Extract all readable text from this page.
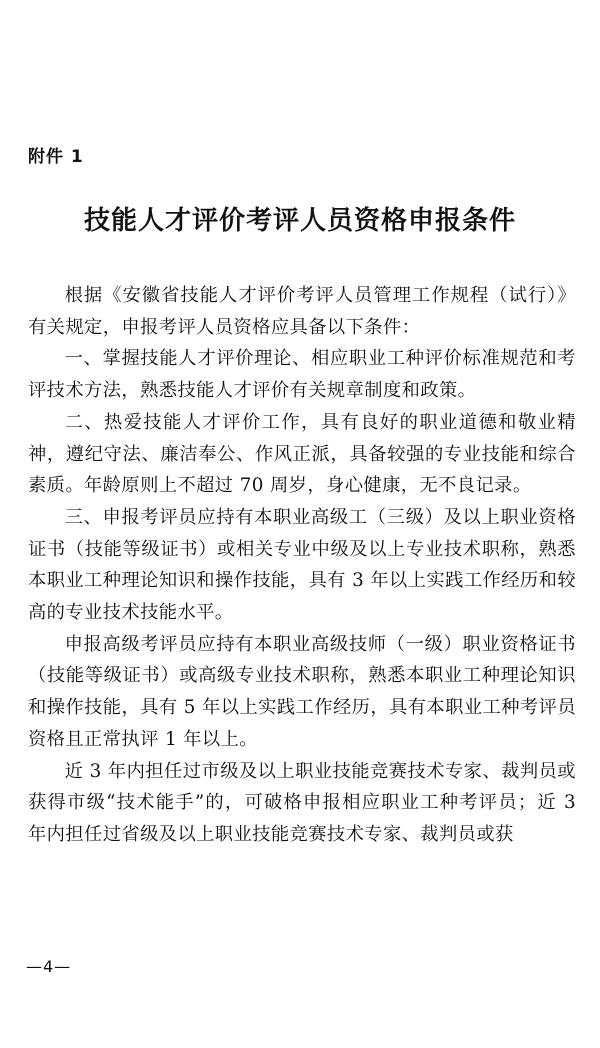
附件 1
技能人才评价考评人员资格申报条件

根据《安徽省技能人才评价考评人员管理工作规程（试行）》有关规定，申报考评人员资格应具备以下条件：

一、掌握技能人才评价理论、相应职业工种评价标准规范和考评技术方法，熟悉技能人才评价有关规章制度和政策。

二、热爱技能人才评价工作，具有良好的职业道德和敬业精神，遵纪守法、廉洁奉公、作风正派，具备较强的专业技能和综合素质。年龄原则上不超过 70 周岁，身心健康，无不良记录。

三、申报考评员应持有本职业高级工（三级）及以上职业资格证书（技能等级证书）或相关专业中级及以上专业技术职称，熟悉本职业工种理论知识和操作技能，具有 3 年以上实践工作经历和较高的专业技术技能水平。

申报高级考评员应持有本职业高级技师（一级）职业资格证书（技能等级证书）或高级专业技术职称，熟悉本职业工种理论知识和操作技能，具有 5 年以上实践工作经历，具有本职业工种考评员资格且正常执评 1 年以上。

近 3 年内担任过市级及以上职业技能竞赛技术专家、裁判员或获得市级“技术能手”的，可破格申报相应职业工种考评员；近 3 年内担任过省级及以上职业技能竞赛技术专家、裁判员或获

—4—
